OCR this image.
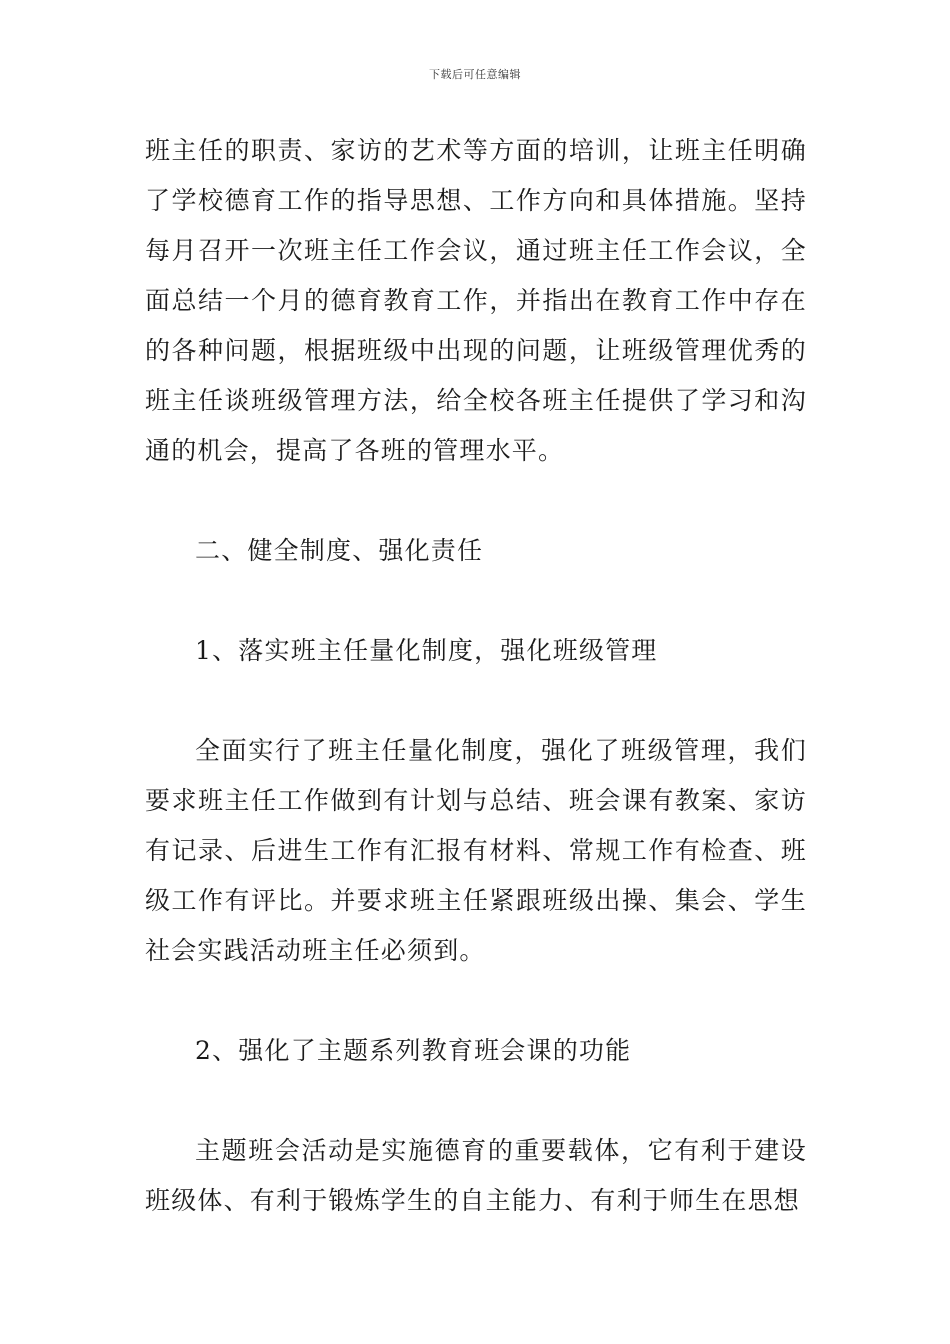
下载后可任意编辑

班主任的职责、家访的艺术等方面的培训，让班主任明确了学校德育工作的指导思想、工作方向和具体措施。坚持每月召开一次班主任工作会议，通过班主任工作会议，全面总结一个月的德育教育工作，并指出在教育工作中存在的各种问题，根据班级中出现的问题，让班级管理优秀的班主任谈班级管理方法，给全校各班主任提供了学习和沟通的机会，提高了各班的管理水平。

二、健全制度、强化责任

1、落实班主任量化制度，强化班级管理

全面实行了班主任量化制度，强化了班级管理，我们要求班主任工作做到有计划与总结、班会课有教案、家访有记录、后进生工作有汇报有材料、常规工作有检查、班级工作有评比。并要求班主任紧跟班级出操、集会、学生社会实践活动班主任必须到。

2、强化了主题系列教育班会课的功能

主题班会活动是实施德育的重要载体，它有利于建设班级体、有利于锻炼学生的自主能力、有利于师生在思想
